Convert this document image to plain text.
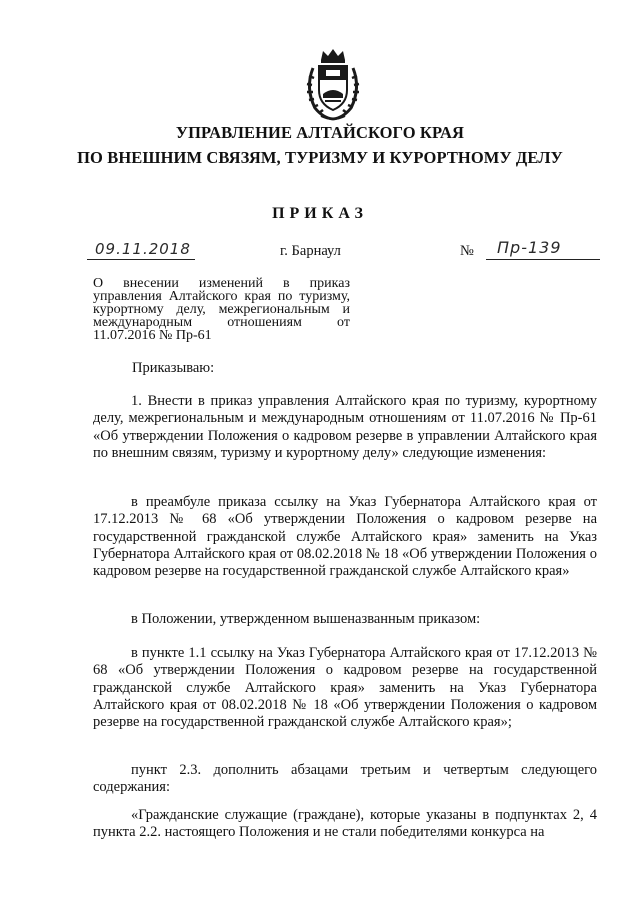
УПРАВЛЕНИЕ АЛТАЙСКОГО КРАЯ
ПО ВНЕШНИМ СВЯЗЯМ, ТУРИЗМУ И КУРОРТНОМУ ДЕЛУ
ПРИКАЗ
09.11.2018	г. Барнаул	№ Пр-139
О внесении изменений в приказ управления Алтайского края по туризму, курортному делу, межрегиональным и международным отношениям от 11.07.2016 № Пр-61
Приказываю:
1. Внести в приказ управления Алтайского края по туризму, курортному делу, межрегиональным и международным отношениям от 11.07.2016 № Пр-61 «Об утверждении Положения о кадровом резерве в управлении Алтайского края по внешним связям, туризму и курортному делу» следующие изменения:
в преамбуле приказа ссылку на Указ Губернатора Алтайского края от 17.12.2013 № 68 «Об утверждении Положения о кадровом резерве на государственной гражданской службе Алтайского края» заменить на Указ Губернатора Алтайского края от 08.02.2018 № 18 «Об утверждении Положения о кадровом резерве на государственной гражданской службе Алтайского края»
в Положении, утвержденном вышеназванным приказом:
в пункте 1.1 ссылку на Указ Губернатора Алтайского края от 17.12.2013 № 68 «Об утверждении Положения о кадровом резерве на государственной гражданской службе Алтайского края» заменить на Указ Губернатора Алтайского края от 08.02.2018 № 18 «Об утверждении Положения о кадровом резерве на государственной гражданской службе Алтайского края»;
пункт 2.3. дополнить абзацами третьим и четвертым следующего содержания:
«Гражданские служащие (граждане), которые указаны в подпунктах 2, 4 пункта 2.2. настоящего Положения и не стали победителями конкурса на
